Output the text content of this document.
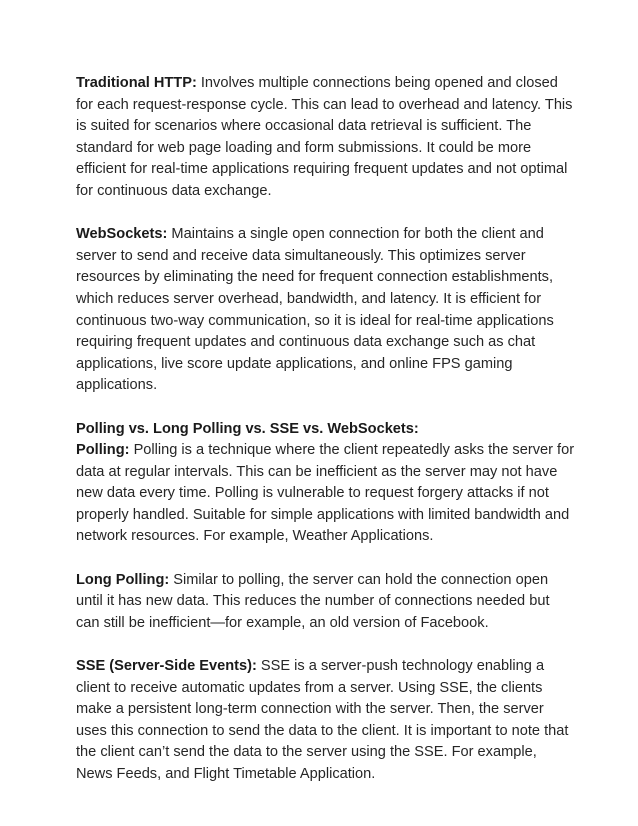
Traditional HTTP: Involves multiple connections being opened and closed for each request-response cycle. This can lead to overhead and latency. This is suited for scenarios where occasional data retrieval is sufficient. The standard for web page loading and form submissions. It could be more efficient for real-time applications requiring frequent updates and not optimal for continuous data exchange.

WebSockets: Maintains a single open connection for both the client and server to send and receive data simultaneously. This optimizes server resources by eliminating the need for frequent connection establishments, which reduces server overhead, bandwidth, and latency. It is efficient for continuous two-way communication, so it is ideal for real-time applications requiring frequent updates and continuous data exchange such as chat applications, live score update applications, and online FPS gaming applications.

Polling vs. Long Polling vs. SSE vs. WebSockets:

Polling: Polling is a technique where the client repeatedly asks the server for data at regular intervals. This can be inefficient as the server may not have new data every time. Polling is vulnerable to request forgery attacks if not properly handled. Suitable for simple applications with limited bandwidth and network resources. For example, Weather Applications.

Long Polling: Similar to polling, the server can hold the connection open until it has new data. This reduces the number of connections needed but can still be inefficient—for example, an old version of Facebook.

SSE (Server-Side Events): SSE is a server-push technology enabling a client to receive automatic updates from a server. Using SSE, the clients make a persistent long-term connection with the server. Then, the server uses this connection to send the data to the client. It is important to note that the client can’t send the data to the server using the SSE. For example, News Feeds, and Flight Timetable Application.
